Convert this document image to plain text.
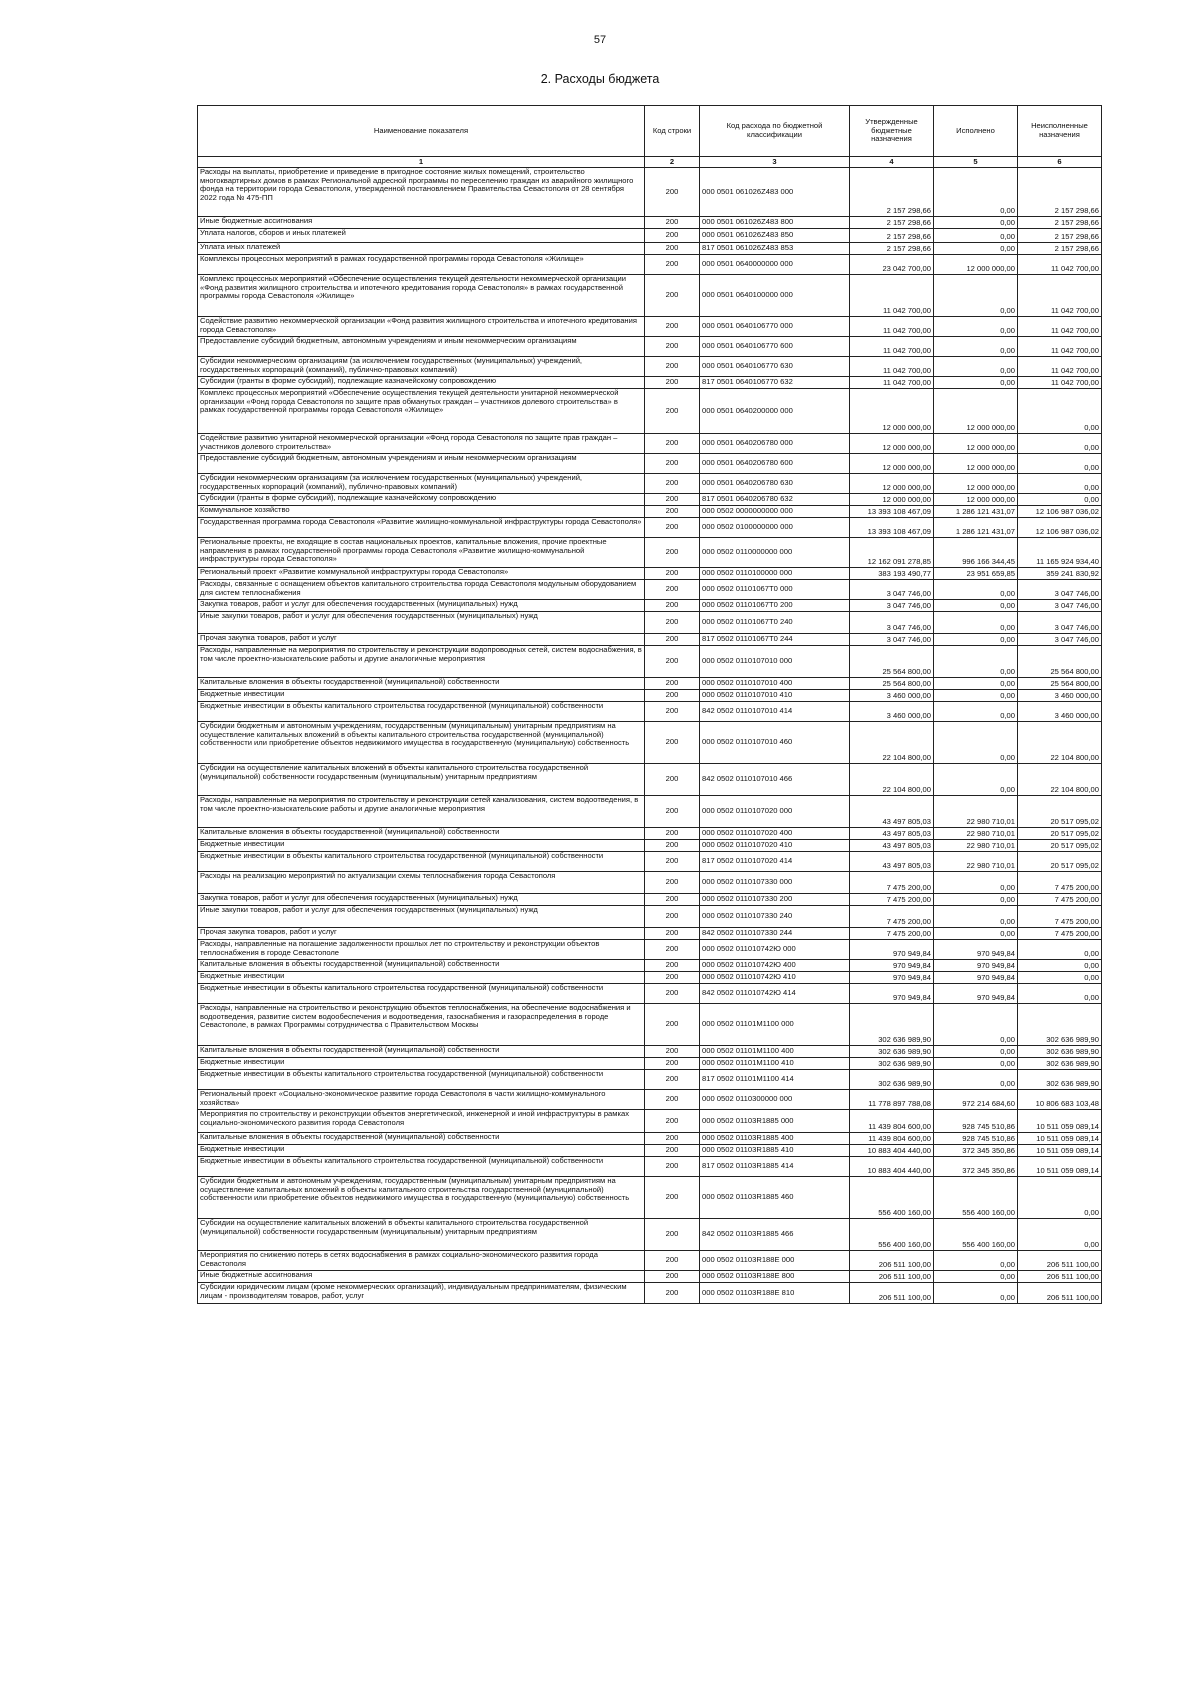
57
2. Расходы бюджета
Наименование показателя	Код строки	Код расхода по бюджетной классификации	Утвержденные бюджетные назначения	Исполнено	Неисполненные назначения
1	2	3	4	5	6
Расходы на выплаты, приобретение и приведение в пригодное состояние жилых помещений, строительство многоквартирных домов в рамках Региональной адресной программы по переселению граждан из аварийного жилищного фонда на территории города Севастополя, утвержденной постановлением Правительства Севастополя от 28 сентября 2022 года № 475-ПП	200	000 0501 061026Z483 000	2 157 298,66	0,00	2 157 298,66
Иные бюджетные ассигнования	200	000 0501 061026Z483 800	2 157 298,66	0,00	2 157 298,66
Уплата налогов, сборов и иных платежей	200	000 0501 061026Z483 850	2 157 298,66	0,00	2 157 298,66
Уплата иных платежей	200	817 0501 061026Z483 853	2 157 298,66	0,00	2 157 298,66
Комплексы процессных мероприятий в рамках государственной программы города Севастополя «Жилище»	200	000 0501 0640000000 000	23 042 700,00	12 000 000,00	11 042 700,00
Комплекс процессных мероприятий «Обеспечение осуществления текущей деятельности некоммерческой организации «Фонд развития жилищного строительства и ипотечного кредитования города Севастополя» в рамках государственной программы города Севастополя «Жилище»	200	000 0501 0640100000 000	11 042 700,00	0,00	11 042 700,00
Содействие развитию некоммерческой организации «Фонд развития жилищного строительства и ипотечного кредитования города Севастополя»	200	000 0501 0640106770 000	11 042 700,00	0,00	11 042 700,00
Предоставление субсидий бюджетным, автономным учреждениям и иным некоммерческим организациям	200	000 0501 0640106770 600	11 042 700,00	0,00	11 042 700,00
Субсидии некоммерческим организациям (за исключением государственных (муниципальных) учреждений, государственных корпораций (компаний), публично-правовых компаний)	200	000 0501 0640106770 630	11 042 700,00	0,00	11 042 700,00
Субсидии (гранты в форме субсидий), подлежащие казначейскому сопровождению	200	817 0501 0640106770 632	11 042 700,00	0,00	11 042 700,00
Комплекс процессных мероприятий «Обеспечение осуществления текущей деятельности унитарной некоммерческой организации «Фонд города Севастополя по защите прав обманутых граждан – участников долевого строительства» в рамках государственной программы города Севастополя «Жилище»	200	000 0501 0640200000 000	12 000 000,00	12 000 000,00	0,00
Содействие развитию унитарной некоммерческой организации «Фонд города Севастополя по защите прав граждан – участников долевого строительства»	200	000 0501 0640206780 000	12 000 000,00	12 000 000,00	0,00
Предоставление субсидий бюджетным, автономным учреждениям и иным некоммерческим организациям	200	000 0501 0640206780 600	12 000 000,00	12 000 000,00	0,00
Субсидии некоммерческим организациям (за исключением государственных (муниципальных) учреждений, государственных корпораций (компаний), публично-правовых компаний)	200	000 0501 0640206780 630	12 000 000,00	12 000 000,00	0,00
Субсидии (гранты в форме субсидий), подлежащие казначейскому сопровождению	200	817 0501 0640206780 632	12 000 000,00	12 000 000,00	0,00
Коммунальное хозяйство	200	000 0502 0000000000 000	13 393 108 467,09	1 286 121 431,07	12 106 987 036,02
Государственная программа города Севастополя «Развитие жилищно-коммунальной инфраструктуры города Севастополя»	200	000 0502 0100000000 000	13 393 108 467,09	1 286 121 431,07	12 106 987 036,02
Региональные проекты, не входящие в состав национальных проектов, капитальные вложения, прочие проектные направления в рамках государственной программы города Севастополя «Развитие жилищно-коммунальной инфраструктуры города Севастополя»	200	000 0502 0110000000 000	12 162 091 278,85	996 166 344,45	11 165 924 934,40
Региональный проект «Развитие коммунальной инфраструктуры города Севастополя»	200	000 0502 0110100000 000	383 193 490,77	23 951 659,85	359 241 830,92
Расходы, связанные с оснащением объектов капитального строительства города Севастополя модульным оборудованием для систем теплоснабжения	200	000 0502 01101067T0 000	3 047 746,00	0,00	3 047 746,00
Закупка товаров, работ и услуг для обеспечения государственных (муниципальных) нужд	200	000 0502 01101067T0 200	3 047 746,00	0,00	3 047 746,00
Иные закупки товаров, работ и услуг для обеспечения государственных (муниципальных) нужд	200	000 0502 01101067T0 240	3 047 746,00	0,00	3 047 746,00
Прочая закупка товаров, работ и услуг	200	817 0502 01101067T0 244	3 047 746,00	0,00	3 047 746,00
Расходы, направленные на мероприятия по строительству и реконструкции водопроводных сетей, систем водоснабжения, в том числе проектно-изыскательские работы и другие аналогичные мероприятия	200	000 0502 0110107010 000	25 564 800,00	0,00	25 564 800,00
Капитальные вложения в объекты государственной (муниципальной) собственности	200	000 0502 0110107010 400	25 564 800,00	0,00	25 564 800,00
Бюджетные инвестиции	200	000 0502 0110107010 410	3 460 000,00	0,00	3 460 000,00
Бюджетные инвестиции в объекты капитального строительства государственной (муниципальной) собственности	200	842 0502 0110107010 414	3 460 000,00	0,00	3 460 000,00
Субсидии бюджетным и автономным учреждениям, государственным (муниципальным) унитарным предприятиям на осуществление капитальных вложений в объекты капитального строительства государственной (муниципальной) собственности или приобретение объектов недвижимого имущества в государственную (муниципальную) собственность	200	000 0502 0110107010 460	22 104 800,00	0,00	22 104 800,00
Субсидии на осуществление капитальных вложений в объекты капитального строительства государственной (муниципальной) собственности государственным (муниципальным) унитарным предприятиям	200	842 0502 0110107010 466	22 104 800,00	0,00	22 104 800,00
Расходы, направленные на мероприятия по строительству и реконструкции сетей канализования, систем водоотведения, в том числе проектно-изыскательские работы и другие аналогичные мероприятия	200	000 0502 0110107020 000	43 497 805,03	22 980 710,01	20 517 095,02
Капитальные вложения в объекты государственной (муниципальной) собственности	200	000 0502 0110107020 400	43 497 805,03	22 980 710,01	20 517 095,02
Бюджетные инвестиции	200	000 0502 0110107020 410	43 497 805,03	22 980 710,01	20 517 095,02
Бюджетные инвестиции в объекты капитального строительства государственной (муниципальной) собственности	200	817 0502 0110107020 414	43 497 805,03	22 980 710,01	20 517 095,02
Расходы на реализацию мероприятий по актуализации схемы теплоснабжения города Севастополя	200	000 0502 0110107330 000	7 475 200,00	0,00	7 475 200,00
Закупка товаров, работ и услуг для обеспечения государственных (муниципальных) нужд	200	000 0502 0110107330 200	7 475 200,00	0,00	7 475 200,00
Иные закупки товаров, работ и услуг для обеспечения государственных (муниципальных) нужд	200	000 0502 0110107330 240	7 475 200,00	0,00	7 475 200,00
Прочая закупка товаров, работ и услуг	200	842 0502 0110107330 244	7 475 200,00	0,00	7 475 200,00
Расходы, направленные на погашение задолженности прошлых лет по строительству и реконструкции объектов теплоснабжения в городе Севастополе	200	000 0502 011010742Ю 000	970 949,84	970 949,84	0,00
Капитальные вложения в объекты государственной (муниципальной) собственности	200	000 0502 011010742Ю 400	970 949,84	970 949,84	0,00
Бюджетные инвестиции	200	000 0502 011010742Ю 410	970 949,84	970 949,84	0,00
Бюджетные инвестиции в объекты капитального строительства государственной (муниципальной) собственности	200	842 0502 011010742Ю 414	970 949,84	970 949,84	0,00
Расходы, направленные на строительство и реконструкцию объектов теплоснабжения, на обеспечение водоснабжения и водоотведения, развитие систем водообеспечения и водоотведения, газоснабжения и газораспределения в городе Севастополе, в рамках Программы сотрудничества с Правительством Москвы	200	000 0502 01101М1100 000	302 636 989,90	0,00	302 636 989,90
Капитальные вложения в объекты государственной (муниципальной) собственности	200	000 0502 01101М1100 400	302 636 989,90	0,00	302 636 989,90
Бюджетные инвестиции	200	000 0502 01101М1100 410	302 636 989,90	0,00	302 636 989,90
Бюджетные инвестиции в объекты капитального строительства государственной (муниципальной) собственности	200	817 0502 01101М1100 414	302 636 989,90	0,00	302 636 989,90
Региональный проект «Социально-экономическое развитие города Севастополя в части жилищно-коммунального хозяйства»	200	000 0502 0110300000 000	11 778 897 788,08	972 214 684,60	10 806 683 103,48
Мероприятия по строительству и реконструкции объектов энергетической, инженерной и иной инфраструктуры в рамках социально-экономического развития города Севастополя	200	000 0502 01103R1885 000	11 439 804 600,00	928 745 510,86	10 511 059 089,14
Капитальные вложения в объекты государственной (муниципальной) собственности	200	000 0502 01103R1885 400	11 439 804 600,00	928 745 510,86	10 511 059 089,14
Бюджетные инвестиции	200	000 0502 01103R1885 410	10 883 404 440,00	372 345 350,86	10 511 059 089,14
Бюджетные инвестиции в объекты капитального строительства государственной (муниципальной) собственности	200	817 0502 01103R1885 414	10 883 404 440,00	372 345 350,86	10 511 059 089,14
Субсидии бюджетным и автономным учреждениям, государственным (муниципальным) унитарным предприятиям на осуществление капитальных вложений в объекты капитального строительства государственной (муниципальной) собственности или приобретение объектов недвижимого имущества в государственную (муниципальную) собственность	200	000 0502 01103R1885 460	556 400 160,00	556 400 160,00	0,00
Субсидии на осуществление капитальных вложений в объекты капитального строительства государственной (муниципальной) собственности государственным (муниципальным) унитарным предприятиям	200	842 0502 01103R1885 466	556 400 160,00	556 400 160,00	0,00
Мероприятия по снижению потерь в сетях водоснабжения в рамках социально-экономического развития города Севастополя	200	000 0502 01103R188E 000	206 511 100,00	0,00	206 511 100,00
Иные бюджетные ассигнования	200	000 0502 01103R188E 800	206 511 100,00	0,00	206 511 100,00
Субсидии юридическим лицам (кроме некоммерческих организаций), индивидуальным предпринимателям, физическим лицам - производителям товаров, работ, услуг	200	000 0502 01103R188E 810	206 511 100,00	0,00	206 511 100,00
